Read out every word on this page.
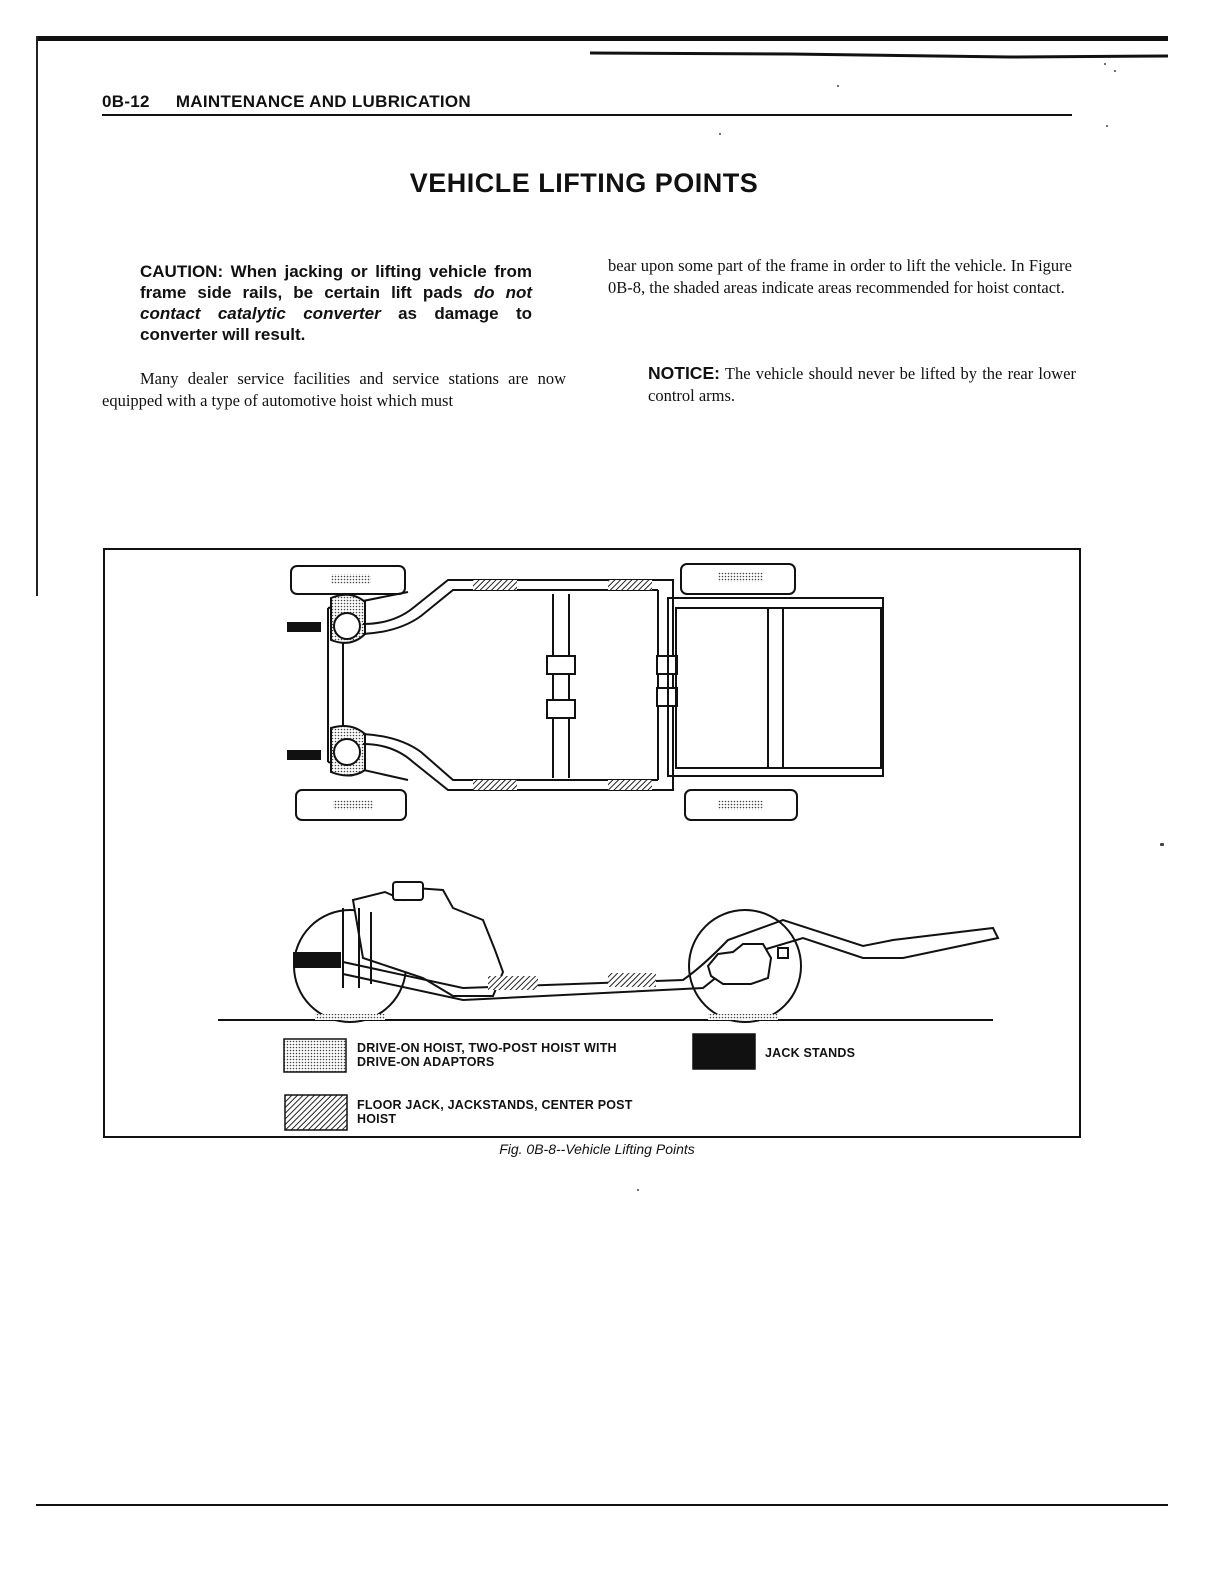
0B-12 MAINTENANCE AND LUBRICATION
VEHICLE LIFTING POINTS
CAUTION: When jacking or lifting vehicle from frame side rails, be certain lift pads do not contact catalytic converter as damage to converter will result.
Many dealer service facilities and service stations are now equipped with a type of automotive hoist which must
bear upon some part of the frame in order to lift the vehicle. In Figure 0B-8, the shaded areas indicate areas recommended for hoist contact.
NOTICE: The vehicle should never be lifted by the rear lower control arms.
DRIVE-ON HOIST, TWO-POST HOIST WITH DRIVE-ON ADAPTORS
FLOOR JACK, JACKSTANDS, CENTER POST HOIST
JACK STANDS
Fig. 0B-8--Vehicle Lifting Points
